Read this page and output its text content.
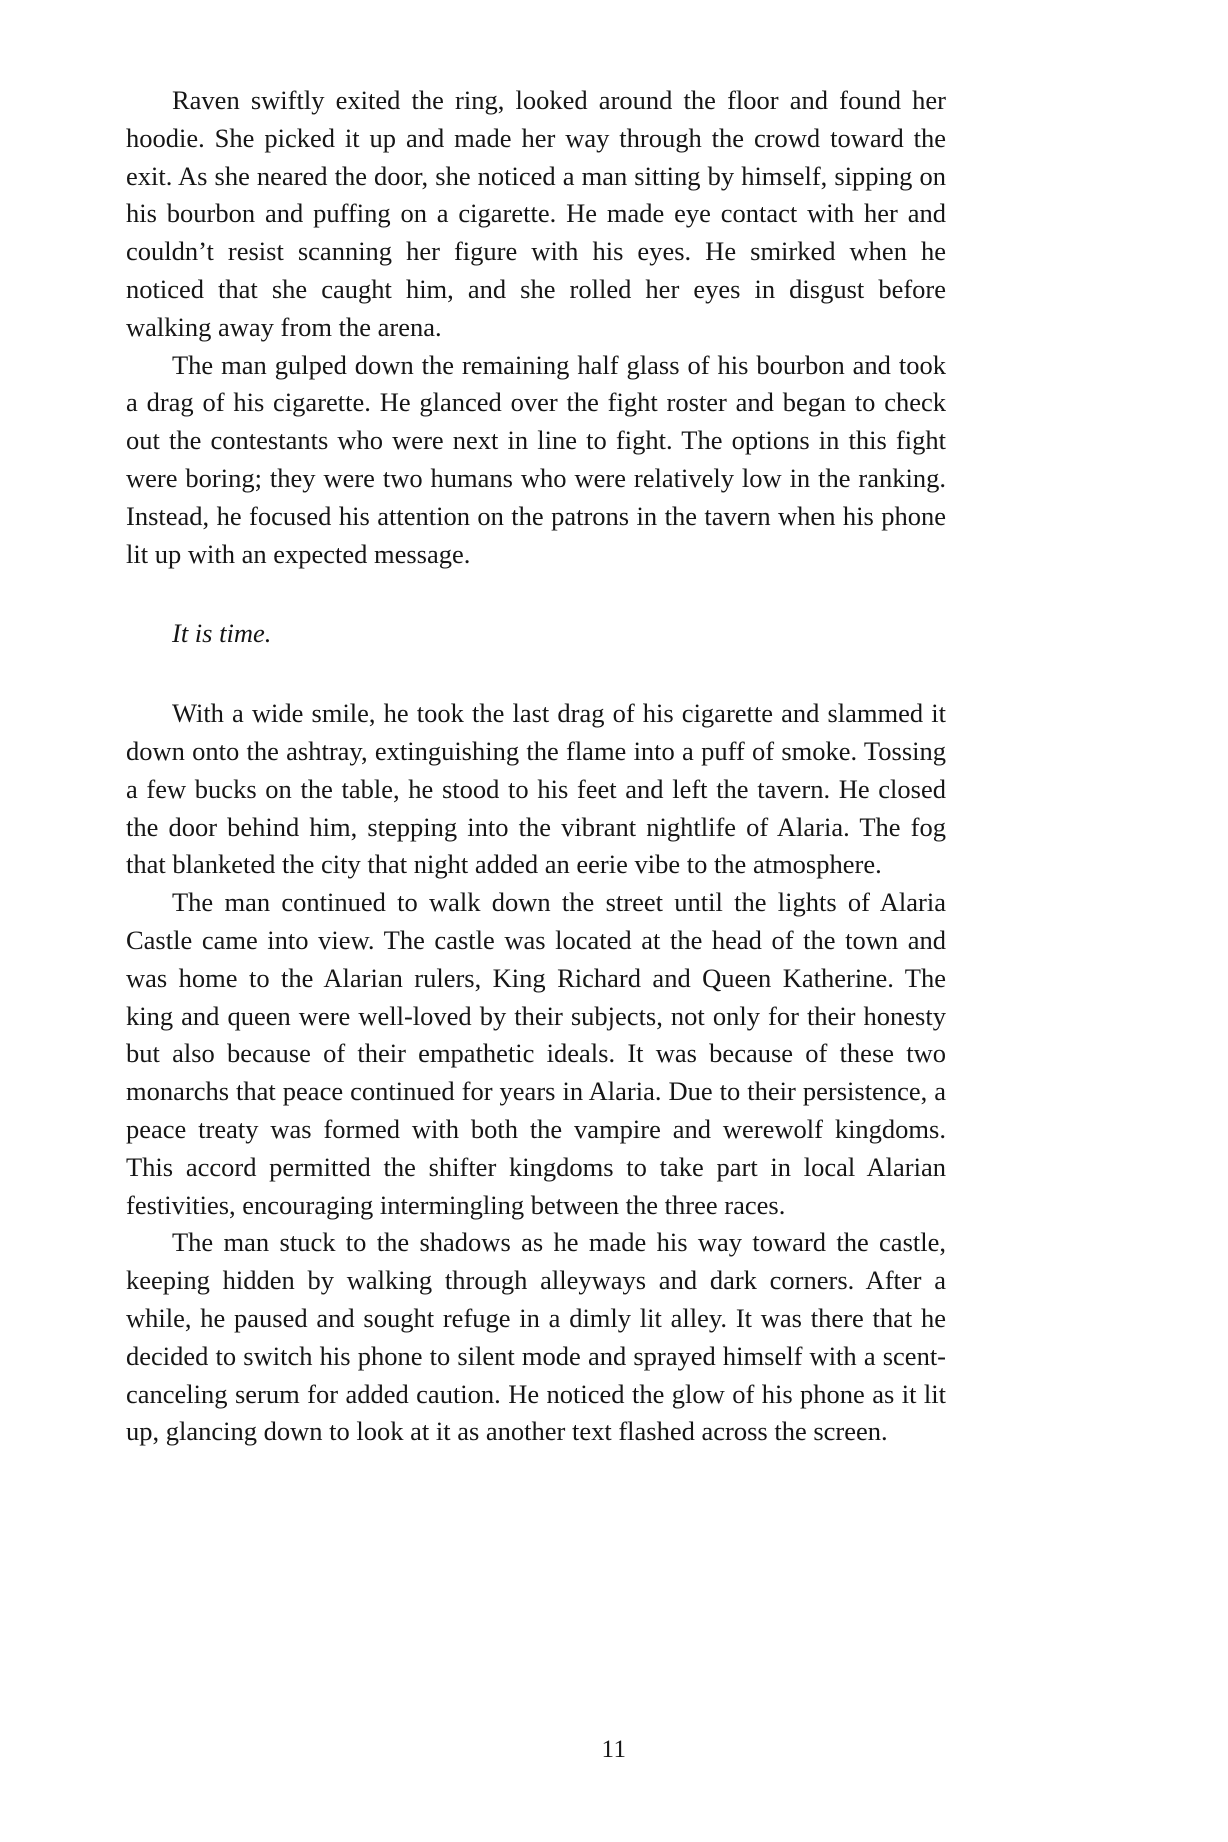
Raven swiftly exited the ring, looked around the floor and found her hoodie. She picked it up and made her way through the crowd toward the exit. As she neared the door, she noticed a man sitting by himself, sipping on his bourbon and puffing on a cigarette. He made eye contact with her and couldn’t resist scanning her figure with his eyes. He smirked when he noticed that she caught him, and she rolled her eyes in disgust before walking away from the arena.

The man gulped down the remaining half glass of his bourbon and took a drag of his cigarette. He glanced over the fight roster and began to check out the contestants who were next in line to fight. The options in this fight were boring; they were two humans who were relatively low in the ranking. Instead, he focused his attention on the patrons in the tavern when his phone lit up with an expected message.

It is time.

With a wide smile, he took the last drag of his cigarette and slammed it down onto the ashtray, extinguishing the flame into a puff of smoke. Tossing a few bucks on the table, he stood to his feet and left the tavern. He closed the door behind him, stepping into the vibrant nightlife of Alaria. The fog that blanketed the city that night added an eerie vibe to the atmosphere.

The man continued to walk down the street until the lights of Alaria Castle came into view. The castle was located at the head of the town and was home to the Alarian rulers, King Richard and Queen Katherine. The king and queen were well-loved by their subjects, not only for their honesty but also because of their empathetic ideals. It was because of these two monarchs that peace continued for years in Alaria. Due to their persistence, a peace treaty was formed with both the vampire and werewolf kingdoms. This accord permitted the shifter kingdoms to take part in local Alarian festivities, encouraging intermingling between the three races.

The man stuck to the shadows as he made his way toward the castle, keeping hidden by walking through alleyways and dark corners. After a while, he paused and sought refuge in a dimly lit alley. It was there that he decided to switch his phone to silent mode and sprayed himself with a scent-canceling serum for added caution. He noticed the glow of his phone as it lit up, glancing down to look at it as another text flashed across the screen.

11
